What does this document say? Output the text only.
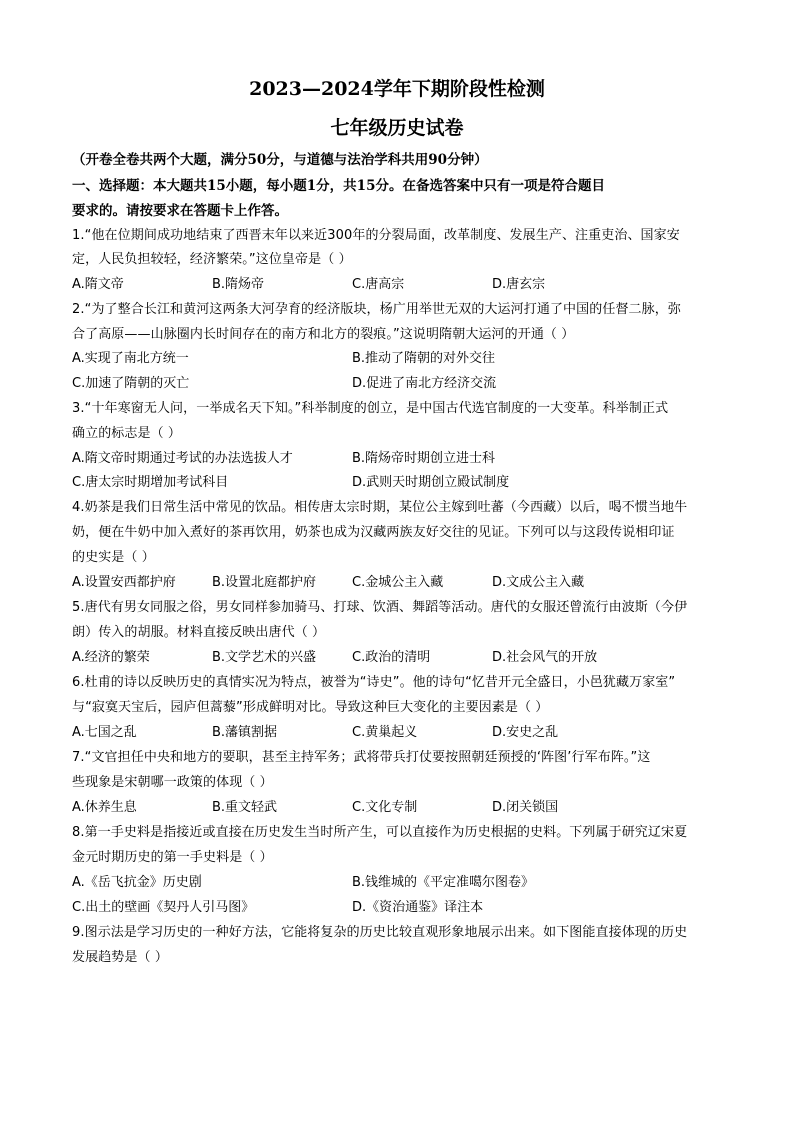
2023—2024学年下期阶段性检测
七年级历史试卷
（开卷全卷共两个大题，满分50分，与道德与法治学科共用90分钟）
一、选择题：本大题共15小题，每小题1分，共15分。在备选答案中只有一项是符合题目
要求的。请按要求在答题卡上作答。
1.“他在位期间成功地结束了西晋末年以来近300年的分裂局面，改革制度、发展生产、注重吏治、国家安
定，人民负担较轻，经济繁荣。”这位皇帝是（ ）
A.隋文帝	B.隋炀帝	C.唐高宗	D.唐玄宗
2.“为了整合长江和黄河这两条大河孕育的经济版块，杨广用举世无双的大运河打通了中国的任督二脉，弥
合了高原——山脉圈内长时间存在的南方和北方的裂痕。”这说明隋朝大运河的开通（ ）
A.实现了南北方统一	B.推动了隋朝的对外交往
C.加速了隋朝的灭亡	D.促进了南北方经济交流
3.“十年寒窗无人问，一举成名天下知。”科举制度的创立，是中国古代选官制度的一大变革。科举制正式
确立的标志是（ ）
A.隋文帝时期通过考试的办法选拔人才	B.隋炀帝时期创立进士科
C.唐太宗时期增加考试科目	D.武则天时期创立殿试制度
4.奶茶是我们日常生活中常见的饮品。相传唐太宗时期，某位公主嫁到吐蕃（今西藏）以后，喝不惯当地牛
奶，便在牛奶中加入煮好的茶再饮用，奶茶也成为汉藏两族友好交往的见证。下列可以与这段传说相印证
的史实是（ ）
A.设置安西都护府	B.设置北庭都护府	C.金城公主入藏	D.文成公主入藏
5.唐代有男女同服之俗，男女同样参加骑马、打球、饮酒、舞蹈等活动。唐代的女服还曾流行由波斯（今伊
朗）传入的胡服。材料直接反映出唐代（ ）
A.经济的繁荣	B.文学艺术的兴盛	C.政治的清明	D.社会风气的开放
6.杜甫的诗以反映历史的真情实况为特点，被誉为“诗史”。他的诗句“忆昔开元全盛日，小邑犹藏万家室”
与“寂寞天宝后，园庐但蒿藜”形成鲜明对比。导致这种巨大变化的主要因素是（ ）
A.七国之乱	B.藩镇割据	C.黄巢起义	D.安史之乱
7.“文官担任中央和地方的要职，甚至主持军务；武将带兵打仗要按照朝廷预授的‘阵图’行军布阵。”这
些现象是宋朝哪一政策的体现（ ）
A.休养生息	B.重文轻武	C.文化专制	D.闭关锁国
8.第一手史料是指接近或直接在历史发生当时所产生，可以直接作为历史根据的史料。下列属于研究辽宋夏
金元时期历史的第一手史料是（ ）
A.《岳飞抗金》历史剧	B.钱维城的《平定准噶尔图卷》
C.出土的壁画《契丹人引马图》	D.《资治通鉴》译注本
9.图示法是学习历史的一种好方法，它能将复杂的历史比较直观形象地展示出来。如下图能直接体现的历史
发展趋势是（ ）
